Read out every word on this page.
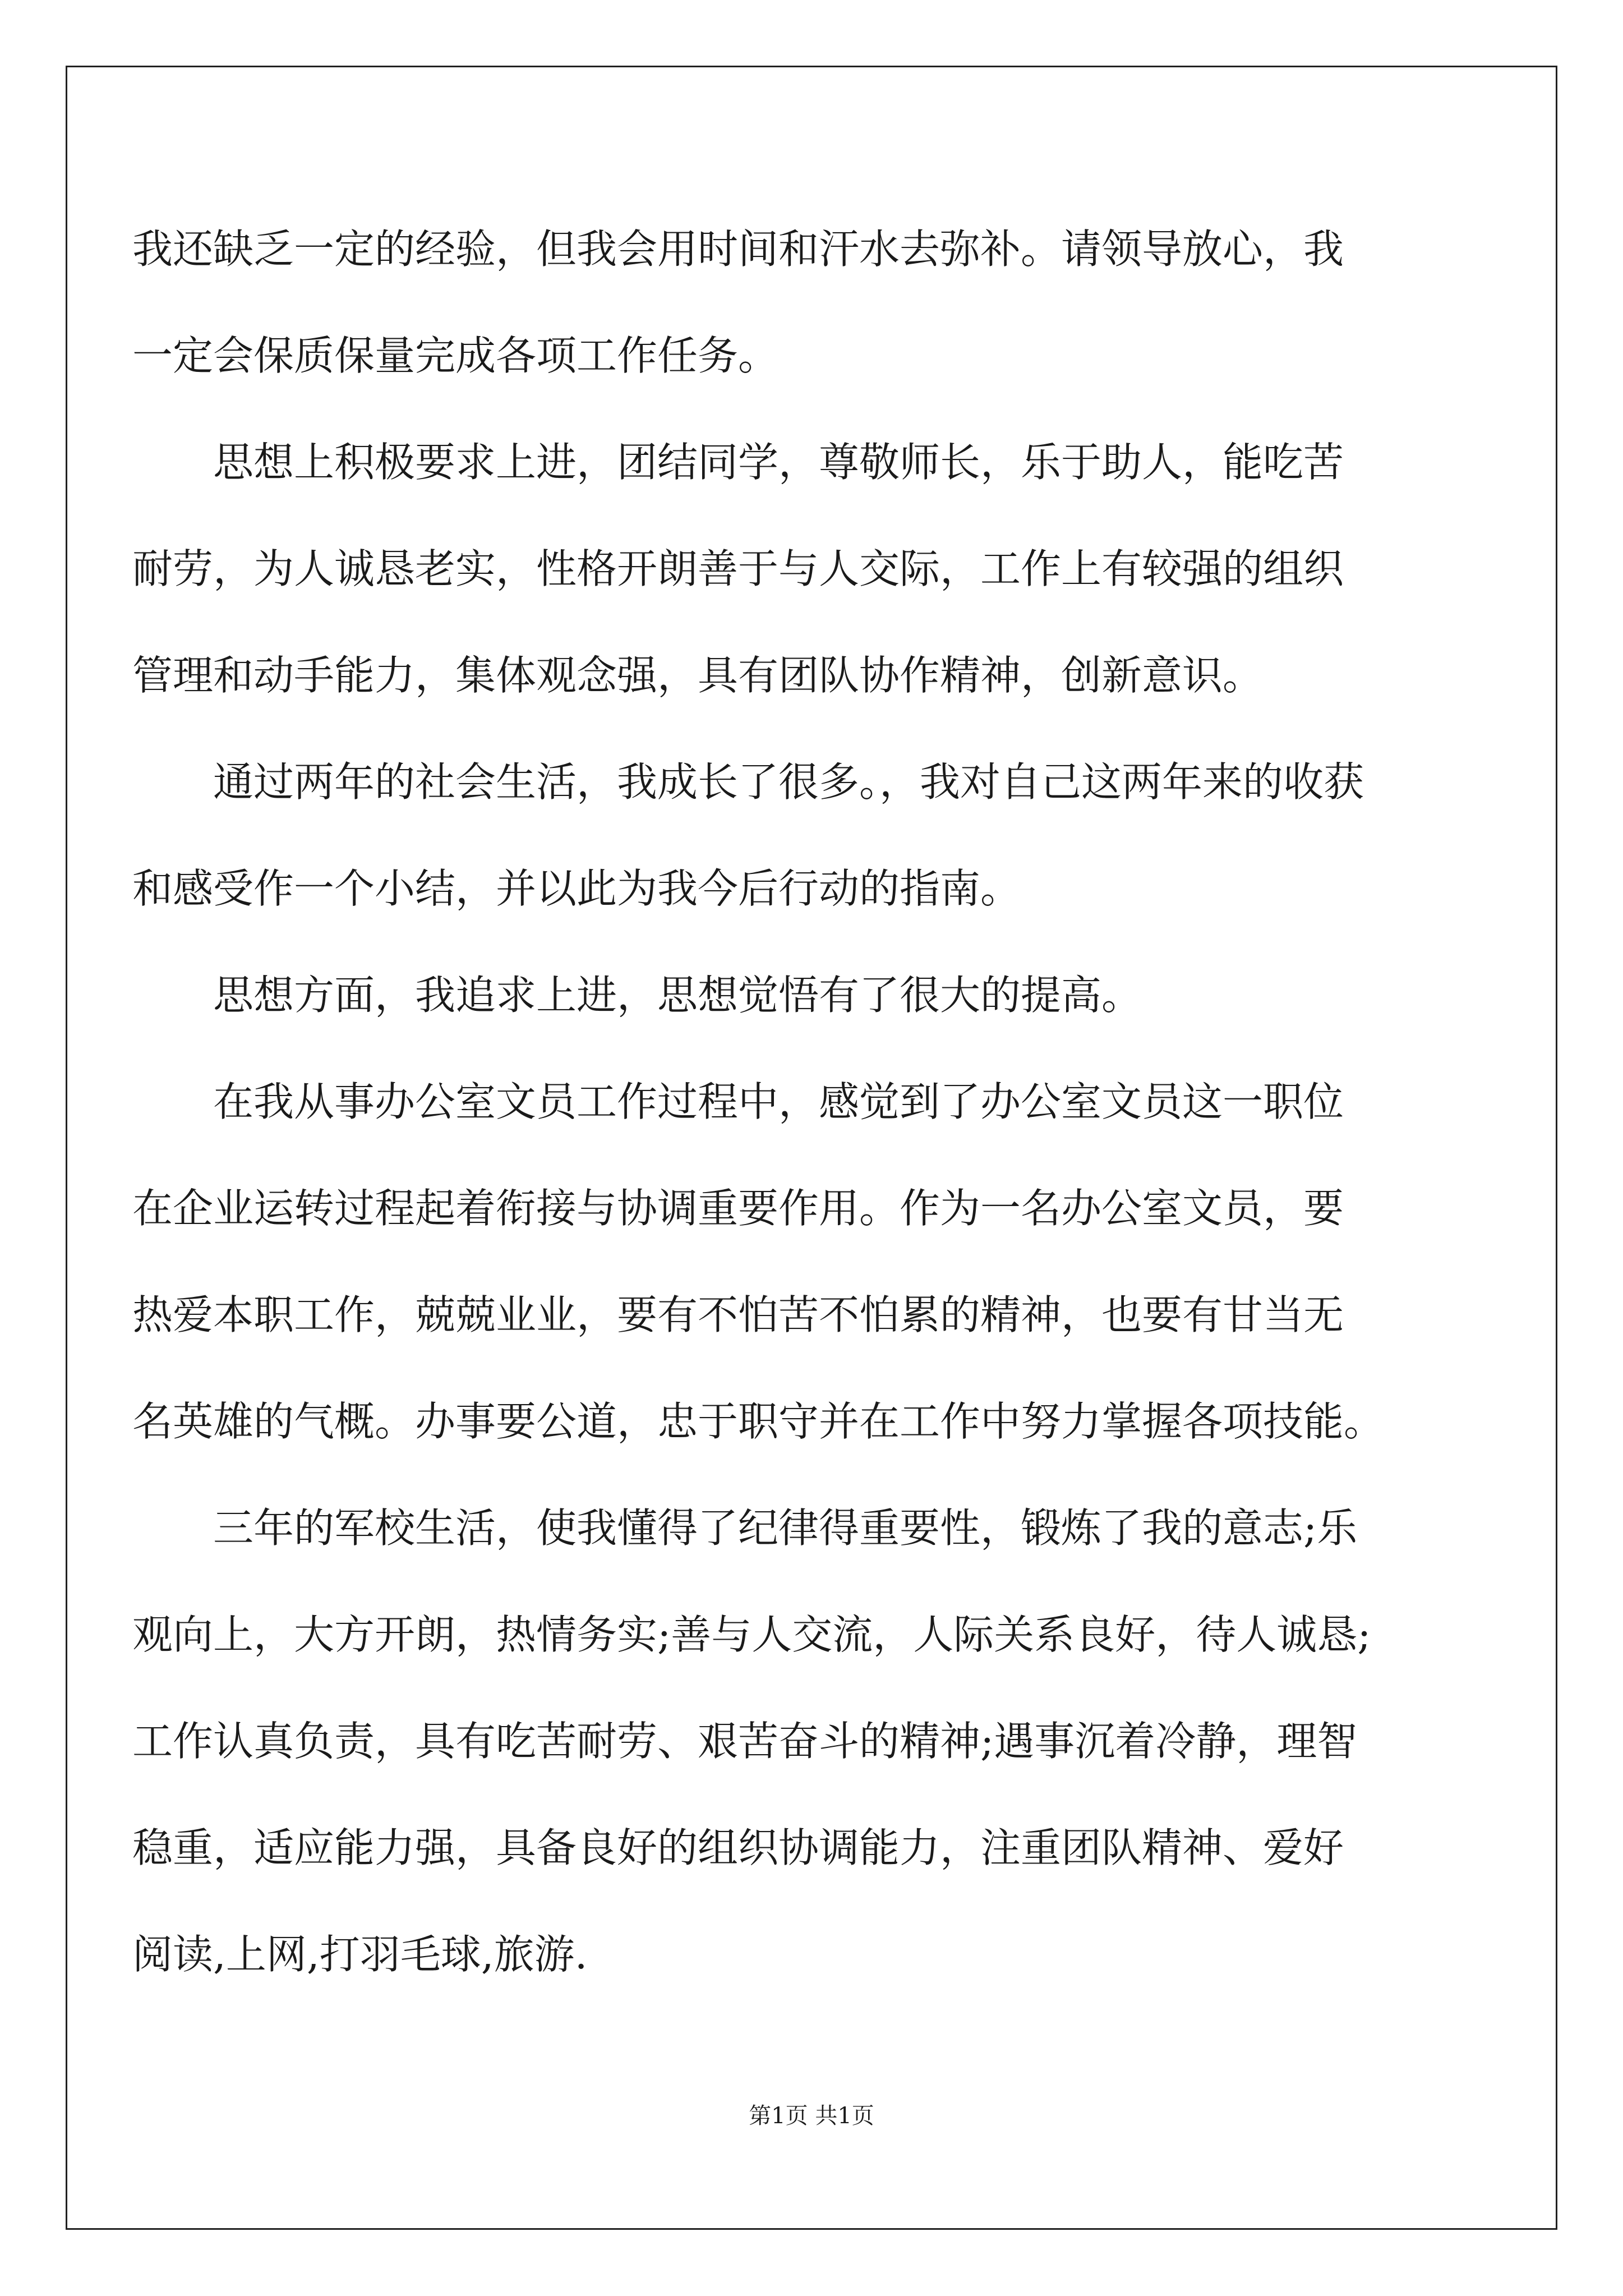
我还缺乏一定的经验，但我会用时间和汗水去弥补。请领导放心，我
一定会保质保量完成各项工作任务。
思想上积极要求上进，团结同学，尊敬师长，乐于助人，能吃苦
耐劳，为人诚恳老实，性格开朗善于与人交际，工作上有较强的组织
管理和动手能力，集体观念强，具有团队协作精神，创新意识。
通过两年的社会生活，我成长了很多。，我对自己这两年来的收获
和感受作一个小结，并以此为我今后行动的指南。
思想方面，我追求上进，思想觉悟有了很大的提高。
在我从事办公室文员工作过程中，感觉到了办公室文员这一职位
在企业运转过程起着衔接与协调重要作用。作为一名办公室文员，要
热爱本职工作，兢兢业业，要有不怕苦不怕累的精神，也要有甘当无
名英雄的气概。办事要公道，忠于职守并在工作中努力掌握各项技能。
三年的军校生活，使我懂得了纪律得重要性，锻炼了我的意志;乐
观向上，大方开朗，热情务实;善与人交流，人际关系良好，待人诚恳;
工作认真负责，具有吃苦耐劳、艰苦奋斗的精神;遇事沉着冷静，理智
稳重，适应能力强，具备良好的组织协调能力，注重团队精神、爱好
阅读,上网,打羽毛球,旅游.
第1页 共1页
